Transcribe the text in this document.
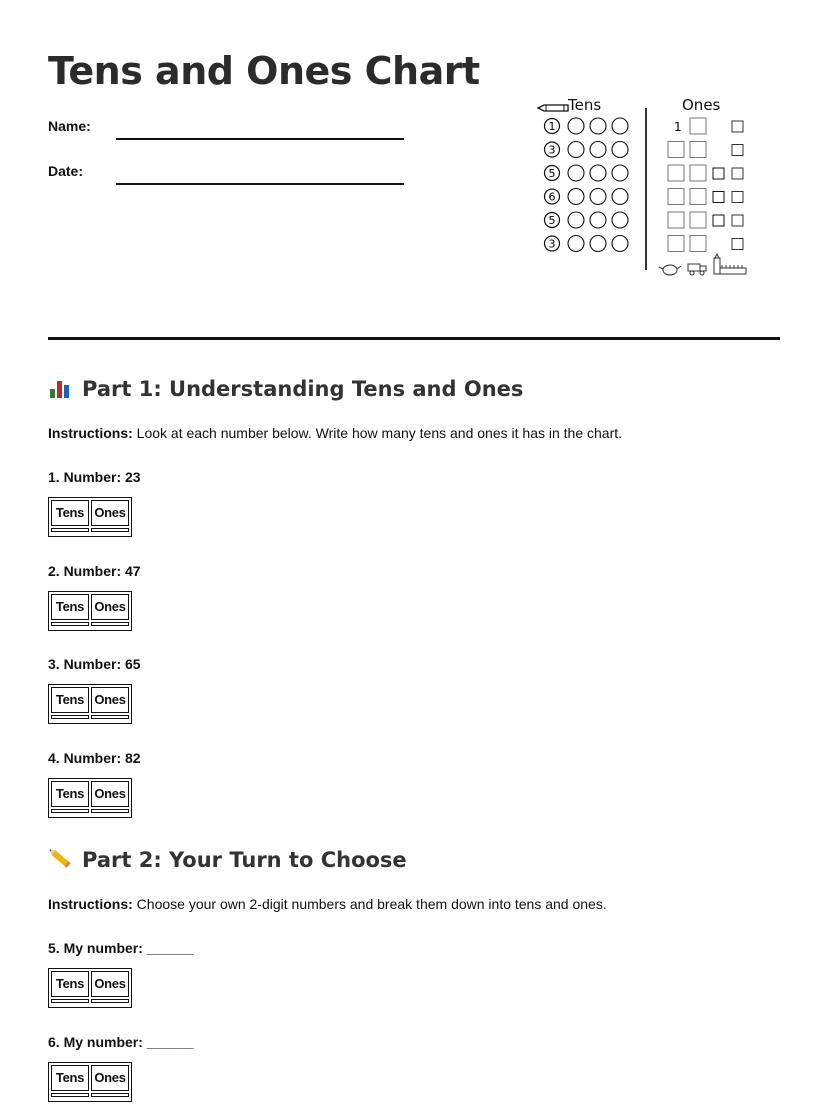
Tens and Ones Chart
Name:
Date:
1
3
5
6
5
3
1
Tens	Ones
Part 1: Understanding Tens and Ones

Instructions: Look at each number below. Write how many tens and ones it has in the chart.

1. Number: 23

Tens Ones

2. Number: 47

Tens Ones

3. Number: 65

Tens Ones

4. Number: 82

Tens Ones
Part 2: Your Turn to Choose

Instructions: Choose your own 2-digit numbers and break them down into tens and ones.

5. My number: ______

Tens Ones

6. My number: ______

Tens Ones
